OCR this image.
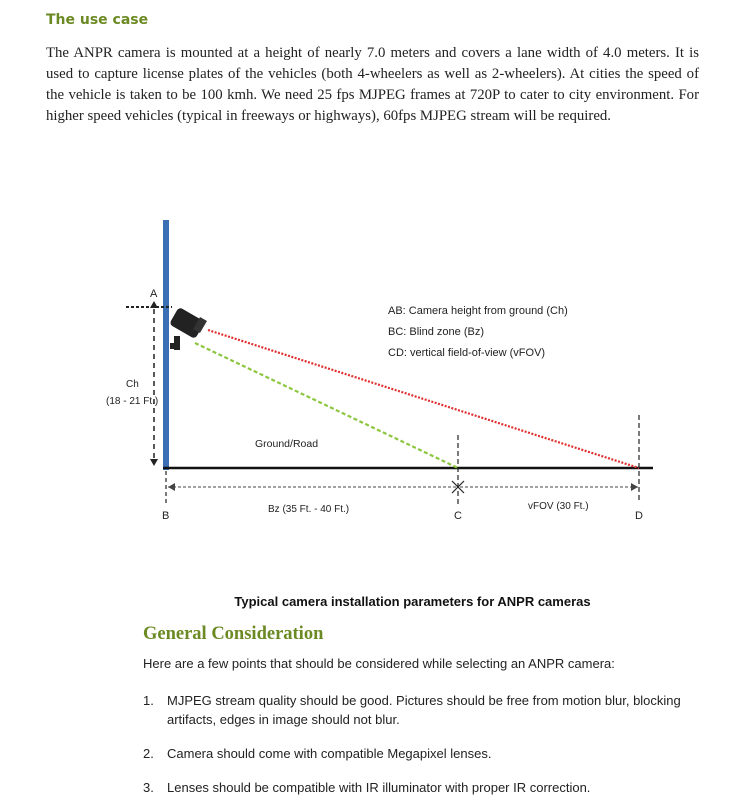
The use case

The ANPR camera is mounted at a height of nearly 7.0 meters and covers a lane width of 4.0 meters. It is used to capture license plates of the vehicles (both 4-wheelers as well as 2-wheelers). At cities the speed of the vehicle is taken to be 100 kmh. We need 25 fps MJPEG frames at 720P to cater to city environment. For higher speed vehicles (typical in freeways or highways), 60fps MJPEG stream will be required.

A
B	C	D
Ch
(18 - 21 Ft.)
Ground/Road
Bz (35 Ft. - 40 Ft.)	vFOV (30 Ft.)
AB: Camera height from ground (Ch)
BC: Blind zone (Bz)
CD: vertical field-of-view (vFOV)
Typical camera installation parameters for ANPR cameras
General Consideration
Here are a few points that should be considered while selecting an ANPR camera:
1. MJPEG stream quality should be good. Pictures should be free from motion blur, blocking artifacts, edges in image should not blur.
2. Camera should come with compatible Megapixel lenses.
3. Lenses should be compatible with IR illuminator with proper IR correction.
